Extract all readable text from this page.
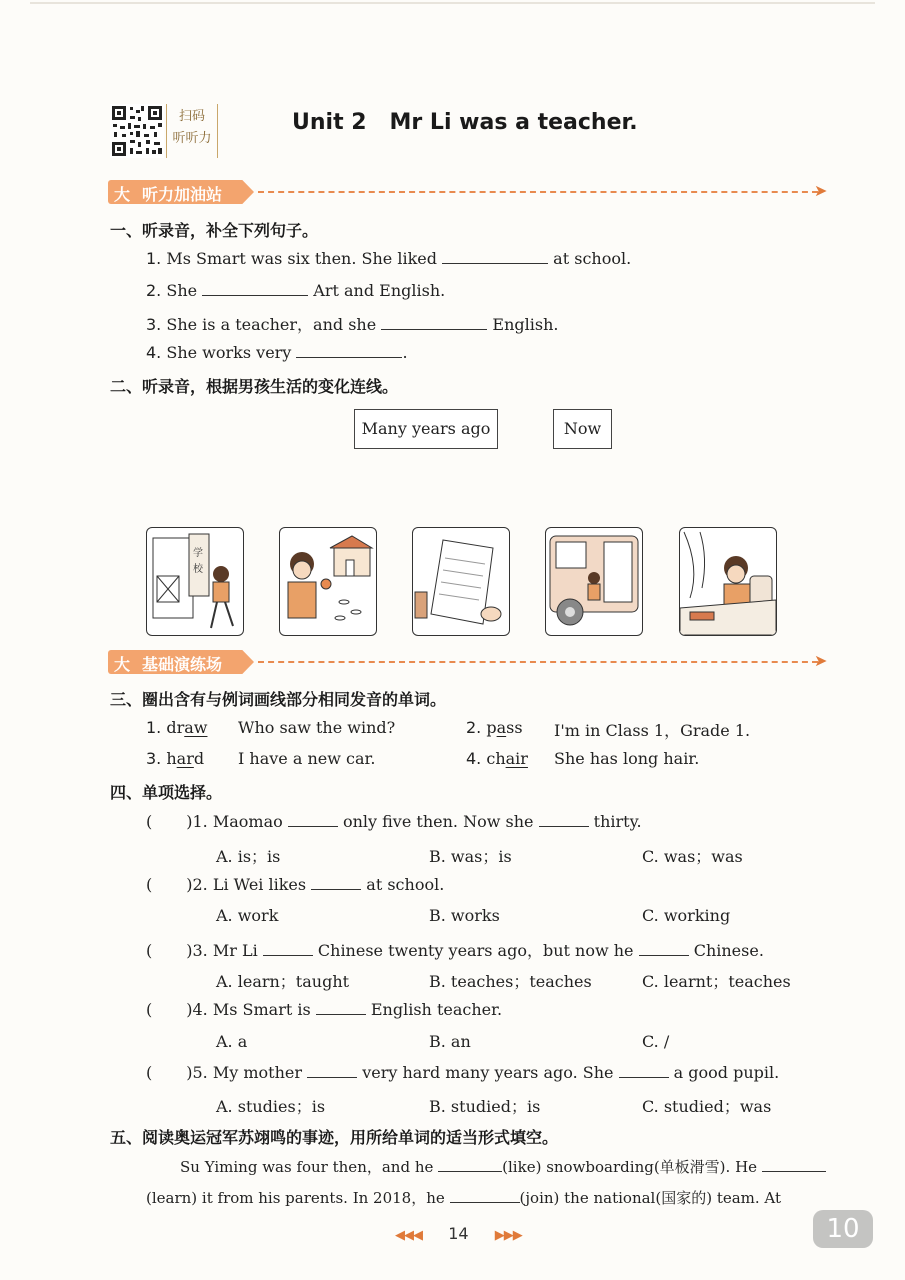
扫码
听听力
Unit 2   Mr Li was a teacher.
大 听力加油站	➤
一、听录音，补全下列句子。
1. Ms Smart was six then. She liked	at school.
2. She	Art and English.
3. She is a teacher，and she	English.
4. She works very	.
二、听录音，根据男孩生活的变化连线。
Many years ago	Now
学
校
大 基础演练场	➤
三、圈出含有与例词画线部分相同发音的单词。
1. draw Who saw the wind?	2. pass I'm in Class 1，Grade 1.
3. hard I have a new car.	4. chair She has long hair.
四、单项选择。
( )1. Maomao	only five then. Now she	thirty.
A. is；is	B. was；is	C. was；was
( )2. Li Wei likes	at school.
A. work	B. works	C. working
( )3. Mr Li	Chinese twenty years ago，but now he	Chinese.
A. learn；taught	B. teaches；teaches	C. learnt；teaches
( )4. Ms Smart is	English teacher.
A. a	B. an	C. /
( )5. My mother	very hard many years ago. She	a good pupil.
A. studies；is	B. studied；is	C. studied；was
五、阅读奥运冠军苏翊鸣的事迹，用所给单词的适当形式填空。
Su Yiming was four then，and he	(like) snowboarding(单板滑雪). He
(learn) it from his parents. In 2018，he	(join) the national(国家的) team. At
◀◀◀ 14 ▶▶▶	10
